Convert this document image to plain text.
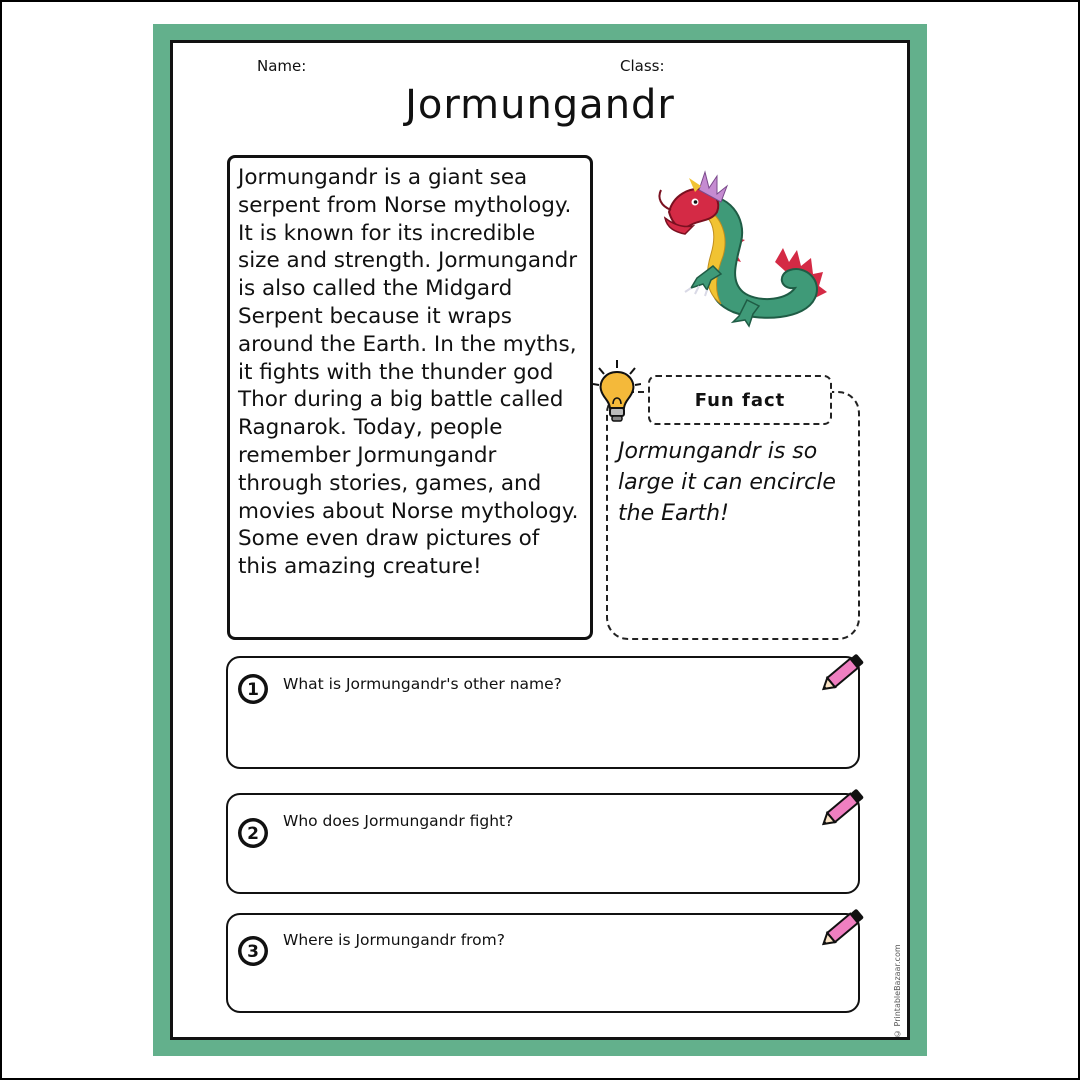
Name:	Class:
Jormungandr
Jormungandr is a giant sea serpent from Norse mythology. It is known for its incredible size and strength. Jormungandr is also called the Midgard Serpent because it wraps around the Earth. In the myths, it fights with the thunder god Thor during a big battle called Ragnarok. Today, people remember Jormungandr through stories, games, and movies about Norse mythology. Some even draw pictures of this amazing creature!
Fun fact
Jormungandr is so large it can encircle the Earth!
1 What is Jormungandr's other name?
2
Who does Jormungandr fight?
3
Where is Jormungandr from?
© PrintableBazaar.com
